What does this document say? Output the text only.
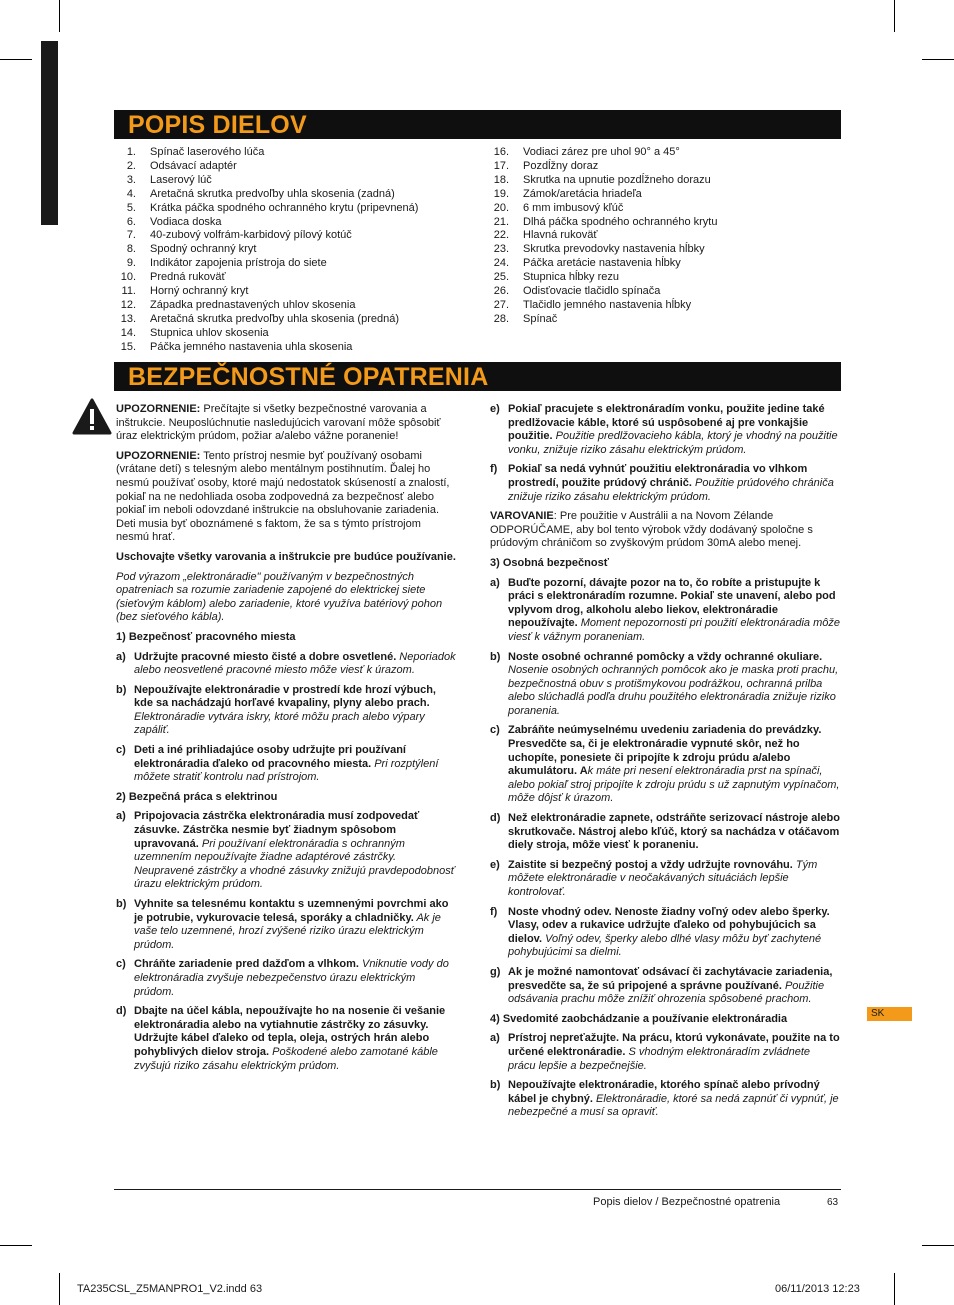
POPIS DIELOV
1.	Spínač laserového lúča
2.	Odsávací adaptér
3.	Laserový lúč
4.	Aretačná skrutka predvoľby uhla skosenia (zadná)
5.	Krátka páčka spodného ochranného krytu (pripevnená)
6.	Vodiaca doska
7.	40-zubový volfrám-karbidový pílový kotúč
8.	Spodný ochranný kryt
9.	Indikátor zapojenia prístroja do siete
10.	Predná rukoväť
11.	Horný ochranný kryt
12.	Západka prednastavených uhlov skosenia
13.	Aretačná skrutka predvoľby uhla skosenia (predná)
14.	Stupnica uhlov skosenia
15.	Páčka jemného nastavenia uhla skosenia
16.	Vodiaci zárez pre uhol 90° a 45°
17.	Pozdĺžny doraz
18.	Skrutka na upnutie pozdĺžneho dorazu
19.	Zámok/aretácia hriadeľa
20.	6 mm imbusový kľúč
21.	Dlhá páčka spodného ochranného krytu
22.	Hlavná rukoväť
23.	Skrutka prevodovky nastavenia hĺbky
24.	Páčka aretácie nastavenia hĺbky
25.	Stupnica hĺbky rezu
26.	Odisťovacie tlačidlo spínača
27.	Tlačidlo jemného nastavenia hĺbky
28.	Spínač
BEZPEČNOSTNÉ OPATRENIA

UPOZORNENIE: Prečítajte si všetky bezpečnostné varovania a inštrukcie. Neuposlúchnutie nasledujúcich varovaní môže spôsobiť úraz elektrickým prúdom, požiar a/alebo vážne poranenie!

UPOZORNENIE: Tento prístroj nesmie byť používaný osobami (vrátane detí) s telesným alebo mentálnym postihnutím. Ďalej ho nesmú používať osoby, ktoré majú nedostatok skúseností a znalostí, pokiaľ na ne nedohliada osoba zodpovedná za bezpečnosť alebo pokiaľ im neboli odovzdané inštrukcie na obsluhovanie zariadenia. Deti musia byť oboznámené s faktom, že sa s týmto prístrojom nesmú hrať.

Uschovajte všetky varovania a inštrukcie pre budúce používanie.

Pod výrazom „elektronáradie" používaným v bezpečnostných opatreniach sa rozumie zariadenie zapojené do elektrickej siete (sieťovým káblom) alebo zariadenie, ktoré využíva batériový pohon (bez sieťového kábla).

1) Bezpečnosť pracovného miesta

a) Udržujte pracovné miesto čisté a dobre osvetlené. Neporiadok alebo neosvetlené pracovné miesto môže viesť k úrazom.
b) Nepoužívajte elektronáradie v prostredí kde hrozí výbuch, kde sa nachádzajú horľavé kvapaliny, plyny alebo prach. Elektronáradie vytvára iskry, ktoré môžu prach alebo výpary zapáliť.
c) Deti a iné prihliadajúce osoby udržujte pri používaní elektronáradia ďaleko od pracovného miesta. Pri rozptýlení môžete stratiť kontrolu nad prístrojom.

2) Bezpečná práca s elektrinou

a) Pripojovacia zástrčka elektronáradia musí zodpovedať zásuvke. Zástrčka nesmie byť žiadnym spôsobom upravovaná. Pri používaní elektronáradia s ochranným uzemnením nepoužívajte žiadne adaptérové zástrčky. Neupravené zástrčky a vhodné zásuvky znižujú pravdepodobnosť úrazu elektrickým prúdom.
b) Vyhnite sa telesnému kontaktu s uzemnenými povrchmi ako je potrubie, vykurovacie telesá, sporáky a chladničky. Ak je vaše telo uzemnené, hrozí zvýšené riziko úrazu elektrickým prúdom.
c) Chráňte zariadenie pred dažďom a vlhkom. Vniknutie vody do elektronáradia zvyšuje nebezpečenstvo úrazu elektrickým prúdom.
d) Dbajte na účel kábla, nepoužívajte ho na nosenie či vešanie elektronáradia alebo na vytiahnutie zástrčky zo zásuvky. Udržujte kábel ďaleko od tepla, oleja, ostrých hrán alebo pohyblivých dielov stroja. Poškodené alebo zamotané káble zvyšujú riziko zásahu elektrickým prúdom.
e) Pokiaľ pracujete s elektronáradím vonku, použite jedine také predlžovacie káble, ktoré sú uspôsobené aj pre vonkajšie použitie. Použitie predlžovacieho kábla, ktorý je vhodný na použitie vonku, znižuje riziko zásahu elektrickým prúdom.
f) Pokiaľ sa nedá vyhnúť použitiu elektronáradia vo vlhkom prostredí, použite prúdový chránič. Použitie prúdového chrániča znižuje riziko zásahu elektrickým prúdom.

VAROVANIE: Pre použitie v Austrálii a na Novom Zélande ODPORÚČAME, aby bol tento výrobok vždy dodávaný spoločne s prúdovým chráničom so zvyškovým prúdom 30mA alebo menej.

3) Osobná bezpečnosť

a) Buďte pozorní, dávajte pozor na to, čo robíte a pristupujte k práci s elektronáradím rozumne. Pokiaľ ste unavení, alebo pod vplyvom drog, alkoholu alebo liekov, elektronáradie nepoužívajte. Moment nepozornosti pri použití elektronáradia môže viesť k vážnym poraneniam.
b) Noste osobné ochranné pomôcky a vždy ochranné okuliare. Nosenie osobných ochranných pomôcok ako je maska proti prachu, bezpečnostná obuv s protišmykovou podrážkou, ochranná prilba alebo slúchadlá podľa druhu použitého elektronáradia znižuje riziko poranenia.
c) Zabráňte neúmyselnému uvedeniu zariadenia do prevádzky. Presvedčte sa, či je elektronáradie vypnuté skôr, než ho uchopíte, ponesiete či pripojíte k zdroju prúdu a/alebo akumulátoru. Ak máte pri nesení elektronáradia prst na spínači, alebo pokiaľ stroj pripojíte k zdroju prúdu s už zapnutým vypínačom, môže dôjsť k úrazom.
d) Než elektronáradie zapnete, odstráňte serizovací nástroje alebo skrutkovače. Nástroj alebo kľúč, ktorý sa nachádza v otáčavom diely stroja, môže viesť k poraneniu.
e) Zaistite si bezpečný postoj a vždy udržujte rovnováhu. Tým môžete elektronáradie v neočakávaných situáciách lepšie kontrolovať.
f) Noste vhodný odev. Nenoste žiadny voľný odev alebo šperky. Vlasy, odev a rukavice udržujte ďaleko od pohybujúcich sa dielov. Voľný odev, šperky alebo dlhé vlasy môžu byť zachytené pohybujúcimi sa dielmi.
g) Ak je možné namontovať odsávací či zachytávacie zariadenia, presvedčte sa, že sú pripojené a správne používané. Použitie odsávania prachu môže znížiť ohrozenia spôsobené prachom.

4) Svedomité zaobchádzanie a používanie elektronáradia

a) Prístroj nepreťažujte. Na prácu, ktorú vykonávate, použite na to určené elektronáradie. S vhodným elektronáradím zvládnete prácu lepšie a bezpečnejšie.
b) Nepoužívajte elektronáradie, ktorého spínač alebo prívodný kábel je chybný. Elektronáradie, ktoré sa nedá zapnúť či vypnúť, je nebezpečné a musí sa opraviť.
SK
Popis dielov / Bezpečnostné opatrenia	63
TA235CSL_Z5MANPRO1_V2.indd 63	06/11/2013 12:23
